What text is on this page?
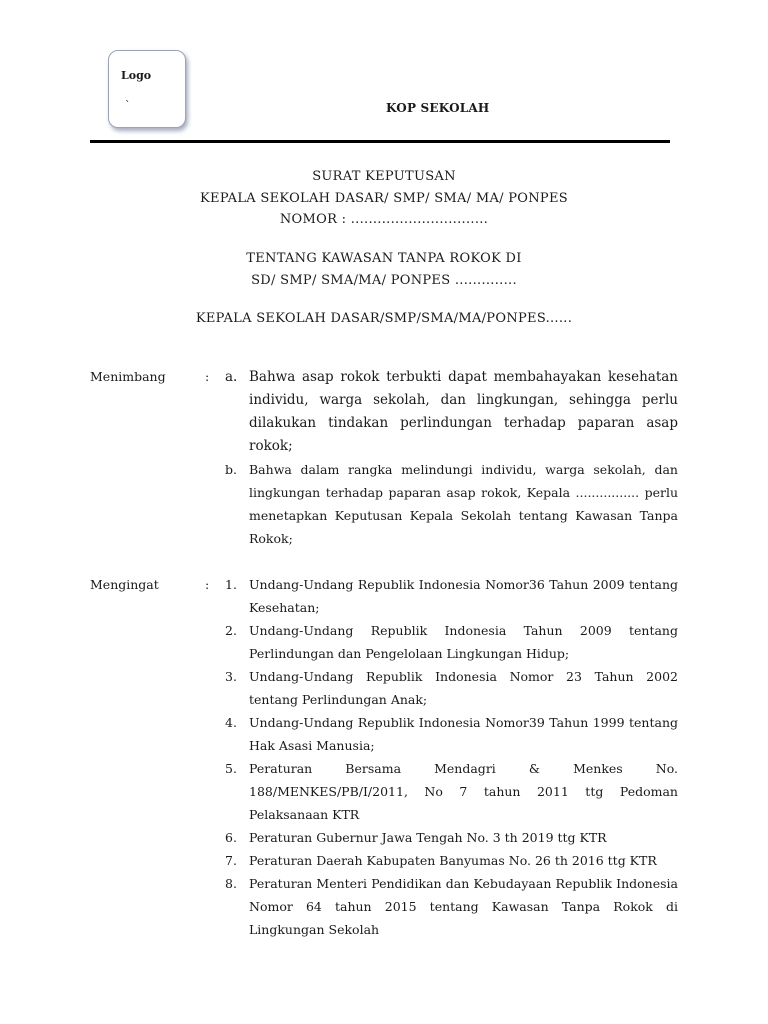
Logo
`	KOP SEKOLAH
SURAT KEPUTUSAN
KEPALA SEKOLAH DASAR/ SMP/ SMA/ MA/ PONPES
NOMOR : ...............................
TENTANG KAWASAN TANPA ROKOK DI
SD/ SMP/ SMA/MA/ PONPES ..............
KEPALA SEKOLAH DASAR/SMP/SMA/MA/PONPES......
Menimbang	: a. Bahwa asap rokok terbukti dapat membahayakan kesehatan individu, warga sekolah, dan lingkungan, sehingga perlu dilakukan tindakan perlindungan terhadap paparan asap rokok;
b. Bahwa dalam rangka melindungi individu, warga sekolah, dan lingkungan terhadap paparan asap rokok, Kepala ................ perlu menetapkan Keputusan Kepala Sekolah tentang Kawasan Tanpa Rokok;
Mengingat	: 1. Undang-Undang Republik Indonesia Nomor36 Tahun 2009 tentang Kesehatan;
2. Undang-Undang Republik Indonesia Tahun 2009 tentang Perlindungan dan Pengelolaan Lingkungan Hidup;
3. Undang-Undang Republik Indonesia Nomor 23 Tahun 2002 tentang Perlindungan Anak;
4. Undang-Undang Republik Indonesia Nomor39 Tahun 1999 tentang Hak Asasi Manusia;
5. Peraturan Bersama Mendagri & Menkes No. 188/MENKES/PB/I/2011, No 7 tahun 2011 ttg Pedoman Pelaksanaan KTR
6. Peraturan Gubernur Jawa Tengah No. 3 th 2019 ttg KTR
7. Peraturan Daerah Kabupaten Banyumas No. 26 th 2016 ttg KTR
8. Peraturan Menteri Pendidikan dan Kebudayaan Republik Indonesia Nomor 64 tahun 2015 tentang Kawasan Tanpa Rokok di Lingkungan Sekolah
